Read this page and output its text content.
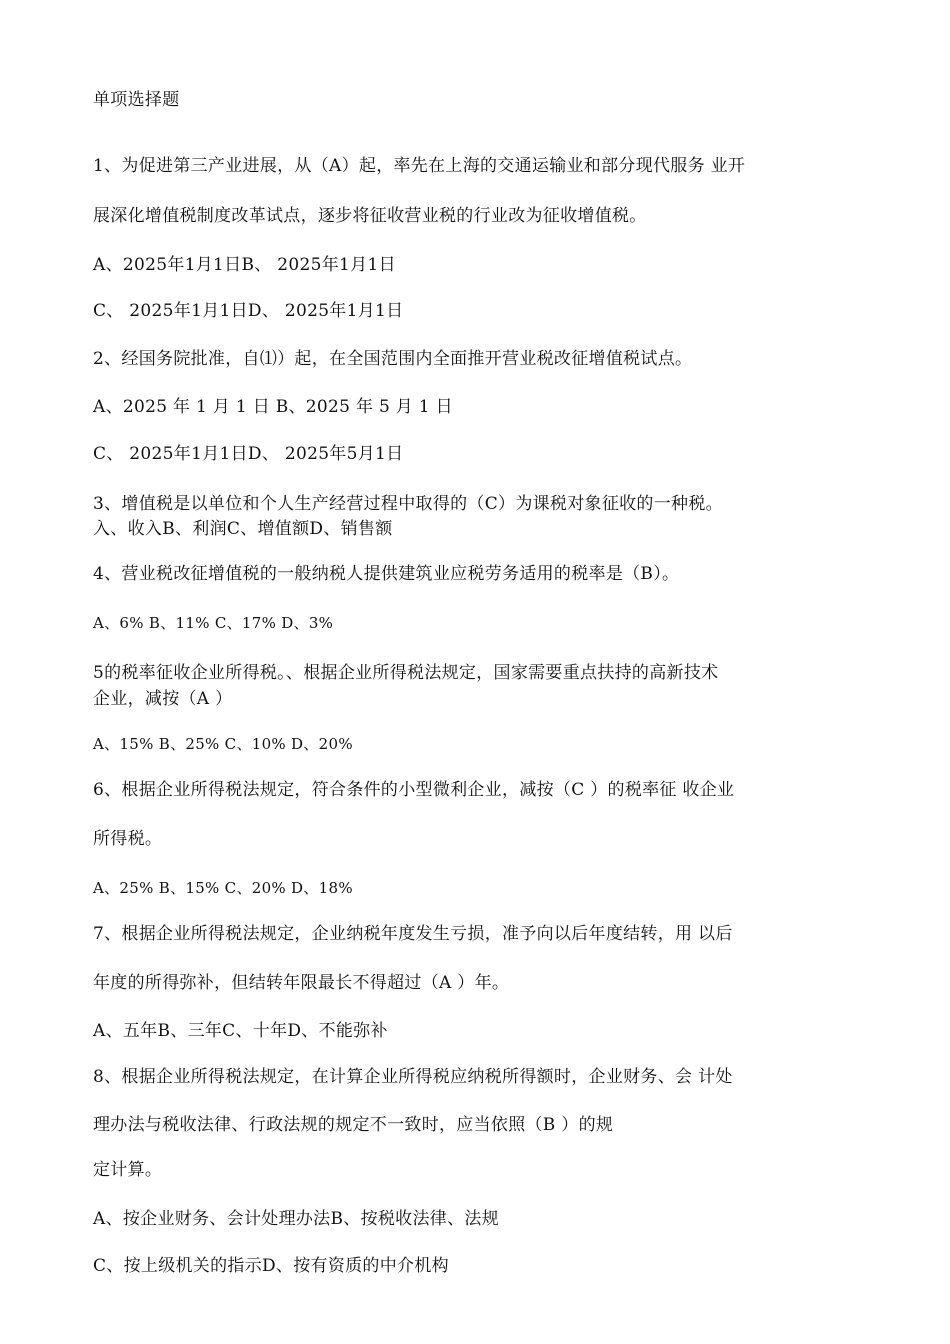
单项选择题
1、为促进第三产业进展，从（A）起，率先在上海的交通运输业和部分现代服务 业开
展深化增值税制度改革试点，逐步将征收营业税的行业改为征收增值税。
A、2025年1月1日B、 2025年1月1日
C、 2025年1月1日D、 2025年1月1日
2、经国务院批准，自⑴）起，在全国范围内全面推开营业税改征增值税试点。
A、2025 年 1 月 1 日 B、2025 年 5 月 1 日
C、 2025年1月1日D、 2025年5月1日
3、增值税是以单位和个人生产经营过程中取得的（C）为课税对象征收的一种税。
入、收入B、利润C、增值额D、销售额
4、营业税改征增值税的一般纳税人提供建筑业应税劳务适用的税率是（B）。
A、6% B、11% C、17% D、3%
5的税率征收企业所得税。、根据企业所得税法规定，国家需要重点扶持的高新技术
企业，减按（A ）
A、15% B、25% C、10% D、20%
6、根据企业所得税法规定，符合条件的小型微利企业，减按（C ）的税率征 收企业
所得税。
A、25% B、15% C、20% D、18%
7、根据企业所得税法规定，企业纳税年度发生亏损，准予向以后年度结转，用 以后
年度的所得弥补，但结转年限最长不得超过（A ）年。
A、五年B、三年C、十年D、不能弥补
8、根据企业所得税法规定，在计算企业所得税应纳税所得额时，企业财务、会 计处
理办法与税收法律、行政法规的规定不一致时，应当依照（B ）的规
定计算。
A、按企业财务、会计处理办法B、按税收法律、法规
C、按上级机关的指示D、按有资质的中介机构
